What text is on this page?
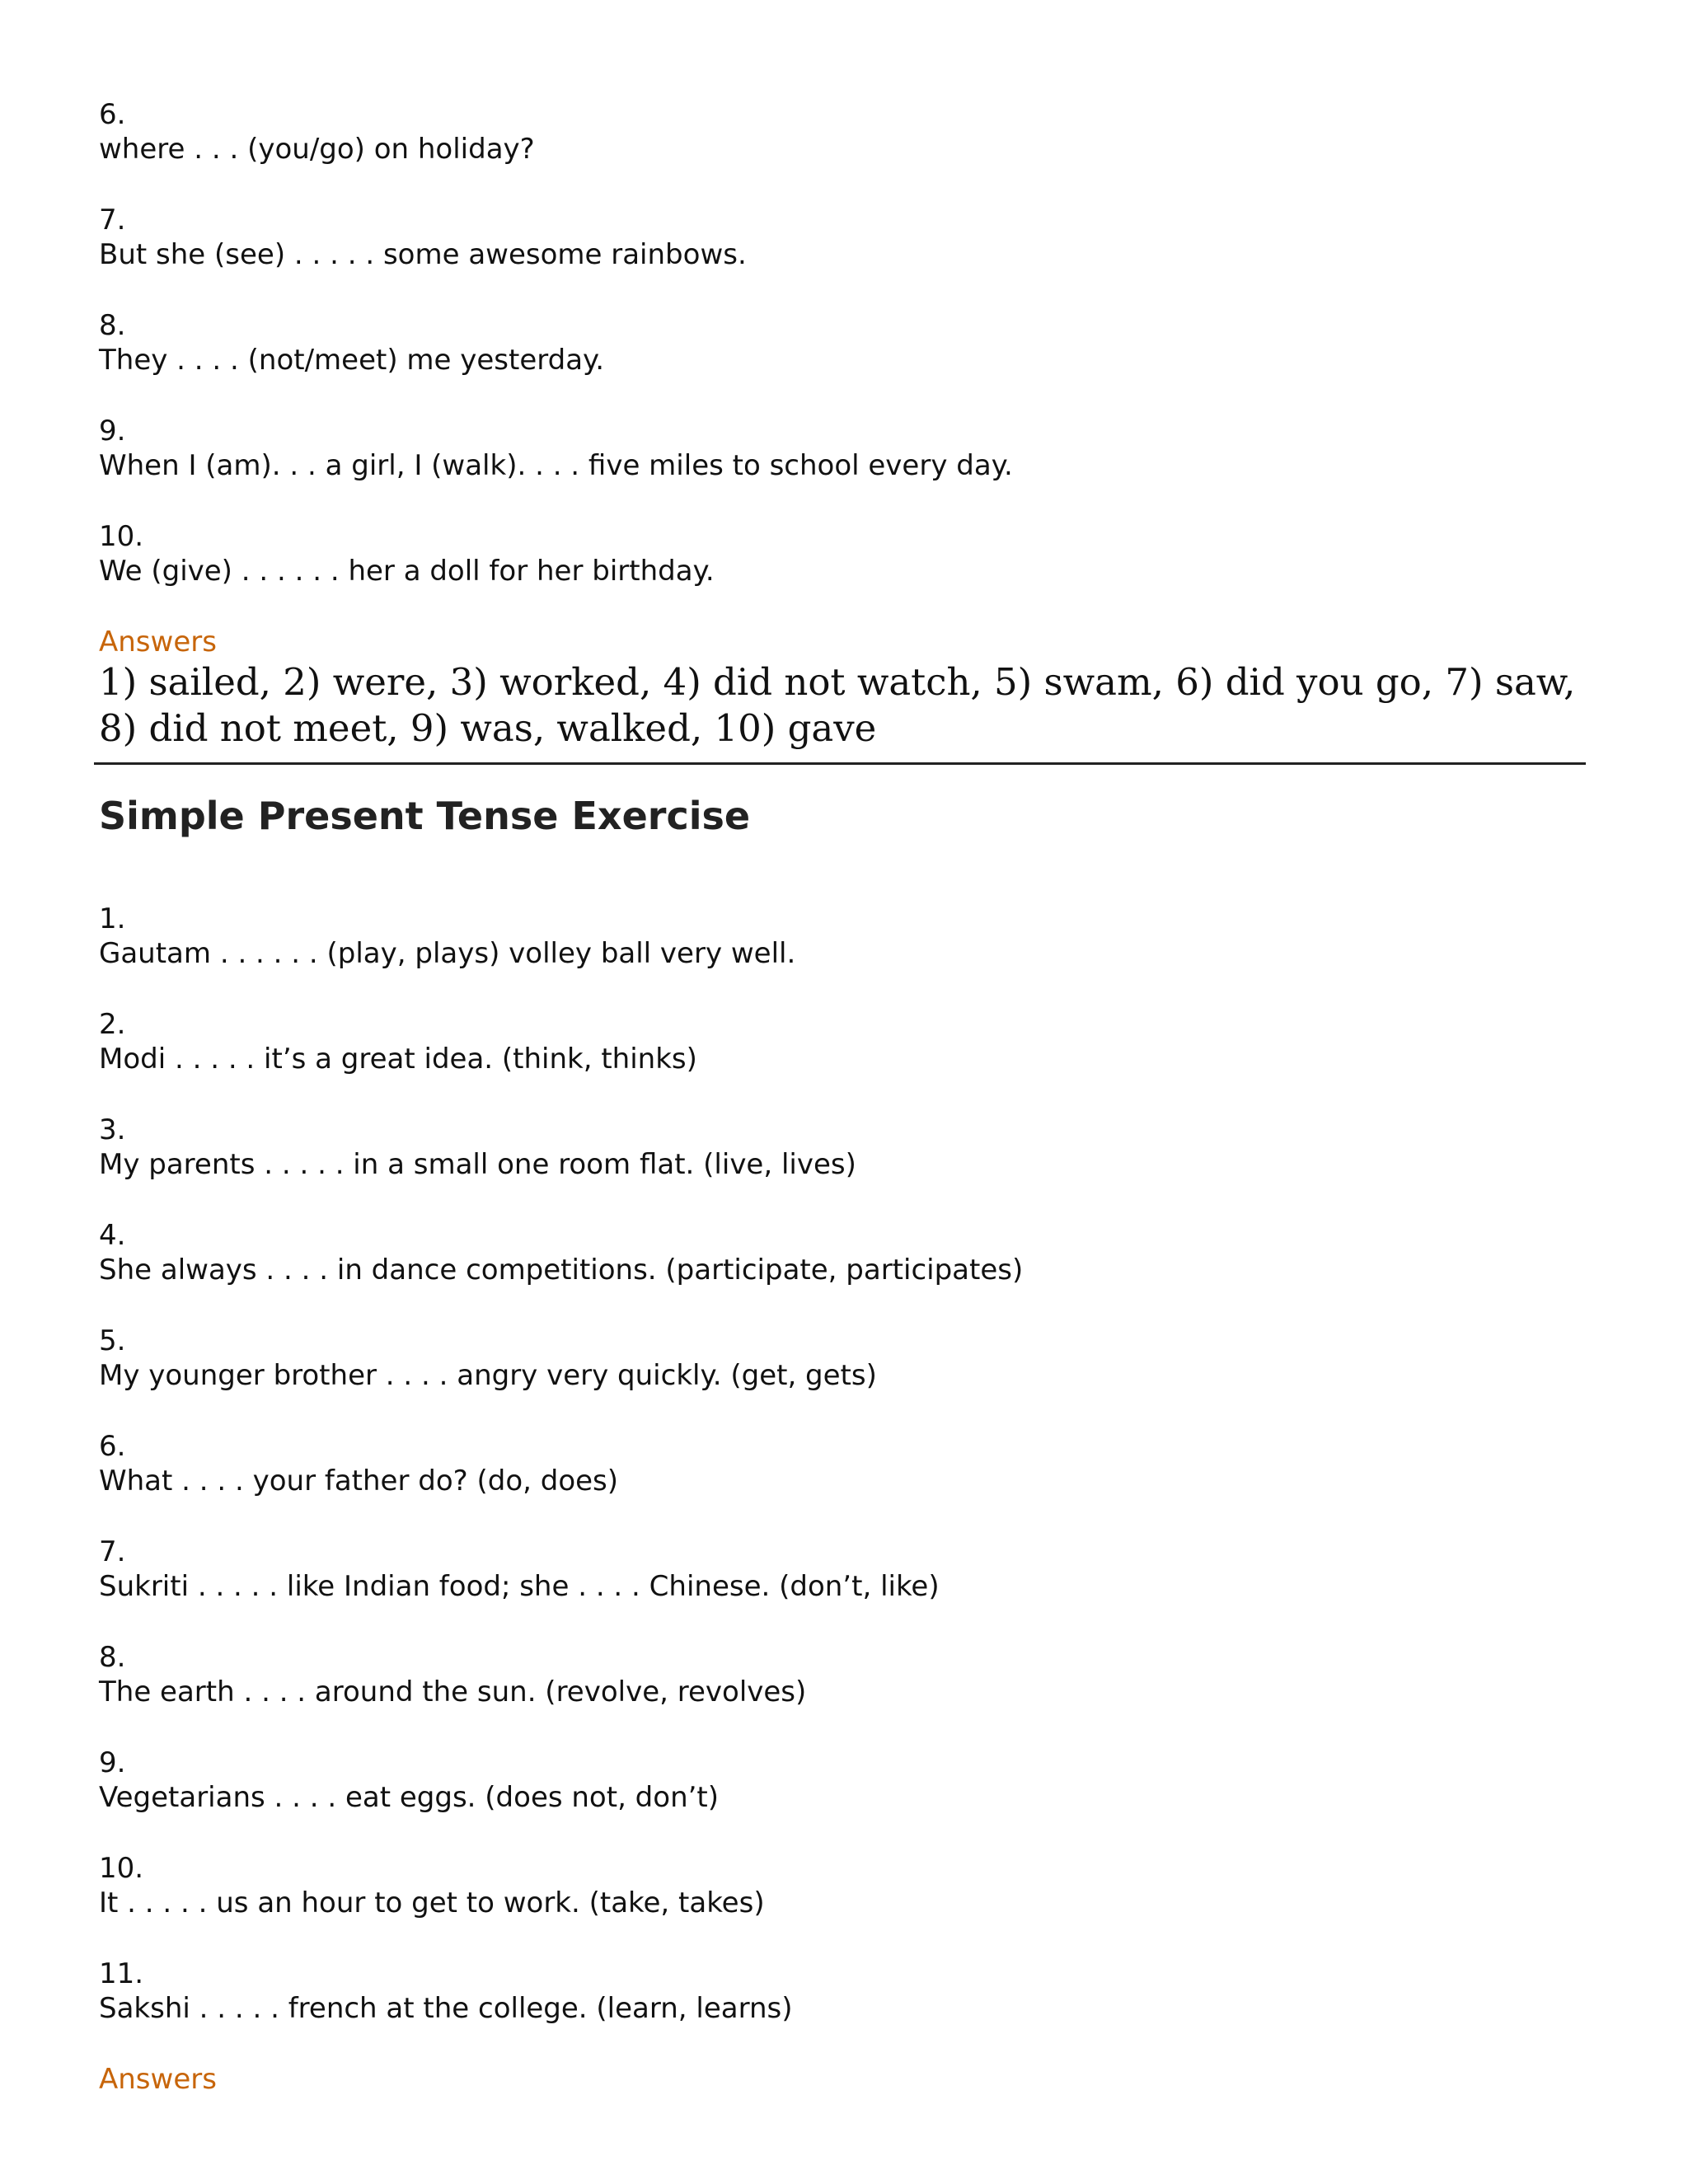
6.
where . . . (you/go) on holiday?
7.
But she (see) . . . . . some awesome rainbows.
8.
They . . . . (not/meet) me yesterday.
9.
When I (am). . . a girl, I (walk). . . . five miles to school every day.
10.
We (give) . . . . . . her a doll for her birthday.
Answers
1) sailed, 2) were, 3) worked, 4) did not watch, 5) swam, 6) did you go, 7) saw, 8) did not meet, 9) was, walked, 10) gave
Simple Present Tense Exercise
1.
Gautam . . . . . . (play, plays) volley ball very well.
2.
Modi . . . . . it’s a great idea. (think, thinks)
3.
My parents . . . . . in a small one room flat. (live, lives)
4.
She always . . . . in dance competitions. (participate, participates)
5.
My younger brother . . . . angry very quickly. (get, gets)
6.
What . . . . your father do? (do, does)
7.
Sukriti . . . . . like Indian food; she . . . . Chinese. (don’t, like)
8.
The earth . . . . around the sun. (revolve, revolves)
9.
Vegetarians . . . . eat eggs. (does not, don’t)
10.
It . . . . . us an hour to get to work. (take, takes)
11.
Sakshi . . . . . french at the college. (learn, learns)
Answers
